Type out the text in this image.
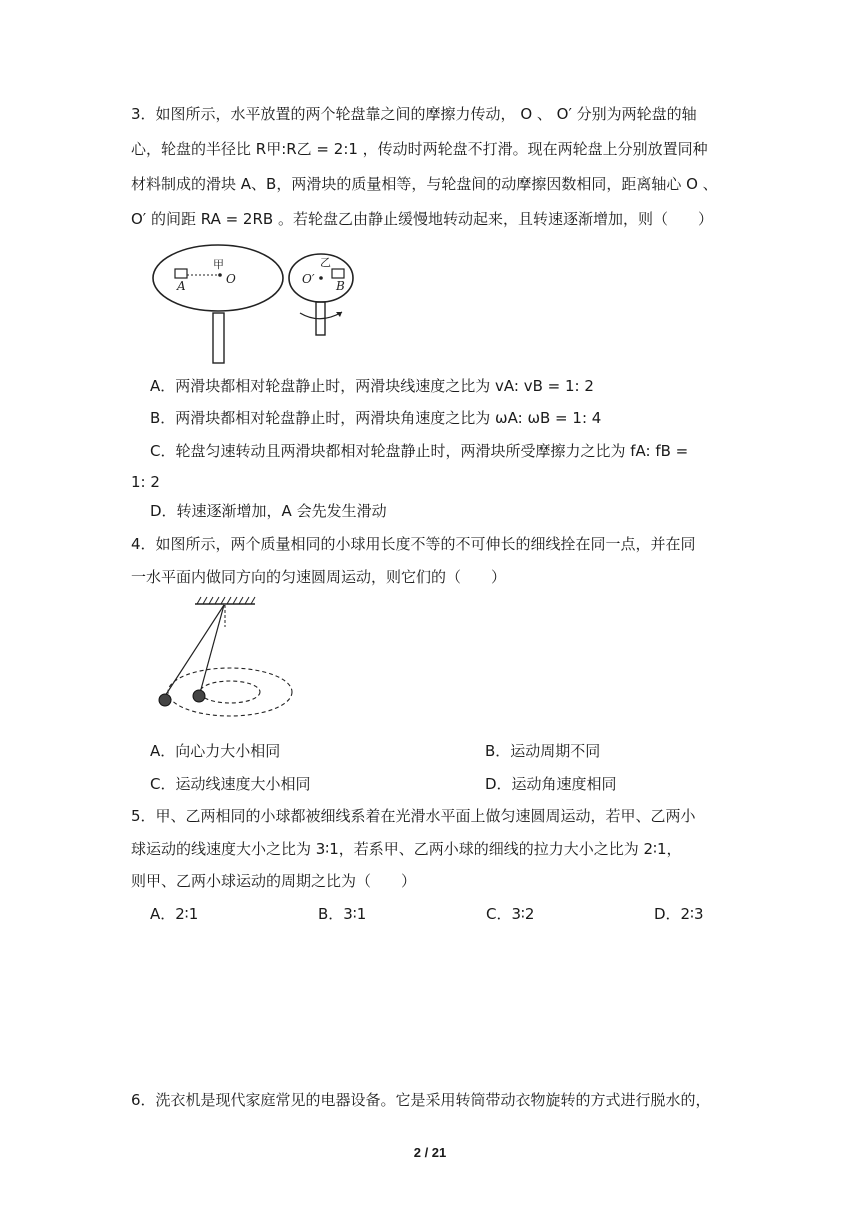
3．如图所示，水平放置的两个轮盘靠之间的摩擦力传动， O 、 O′ 分别为两轮盘的轴
心，轮盘的半径比 R甲:R乙 = 2:1 ，传动时两轮盘不打滑。现在两轮盘上分别放置同种
材料制成的滑块 A、B，两滑块的质量相等，与轮盘间的动摩擦因数相同，距离轴心 O 、
O′ 的间距 RA = 2RB 。若轮盘乙由静止缓慢地转动起来，且转速逐渐增加，则（　　）
甲
A	O
乙
O′ B
A．两滑块都相对轮盘静止时，两滑块线速度之比为 vA: vB = 1: 2
B．两滑块都相对轮盘静止时，两滑块角速度之比为 ωA: ωB = 1: 4
C．轮盘匀速转动且两滑块都相对轮盘静止时，两滑块所受摩擦力之比为 fA: fB =
1: 2
D．转速逐渐增加，A 会先发生滑动
4．如图所示，两个质量相同的小球用长度不等的不可伸长的细线拴在同一点，并在同
一水平面内做同方向的匀速圆周运动，则它们的（　　）
A．向心力大小相同	B．运动周期不同
C．运动线速度大小相同	D．运动角速度相同
5．甲、乙两相同的小球都被细线系着在光滑水平面上做匀速圆周运动，若甲、乙两小
球运动的线速度大小之比为 3∶1，若系甲、乙两小球的细线的拉力大小之比为 2∶1，
则甲、乙两小球运动的周期之比为（　　）
A．2∶1	B．3∶1	C．3∶2	D．2∶3
6．洗衣机是现代家庭常见的电器设备。它是采用转筒带动衣物旋转的方式进行脱水的，
2 / 21
